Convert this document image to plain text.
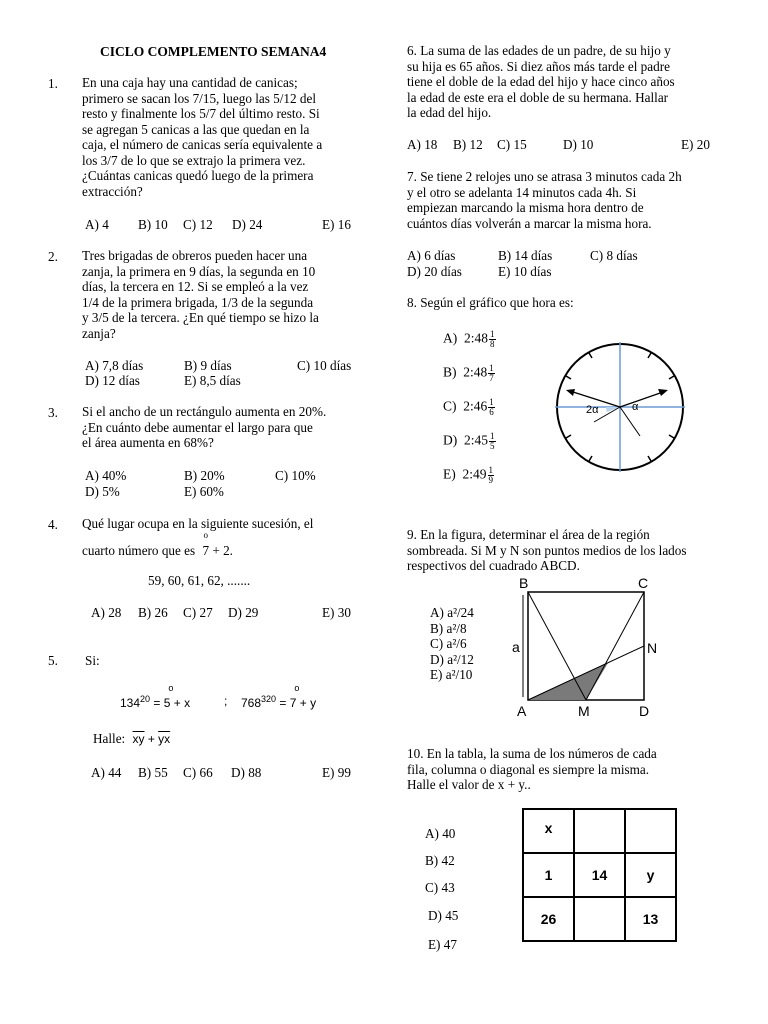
CICLO COMPLEMENTO SEMANA4
1. En una caja hay una cantidad de canicas;
primero se sacan los 7/15, luego las 5/12 del
resto y finalmente los 5/7 del último resto. Si
se agregan 5 canicas a las que quedan en la
caja, el número de canicas sería equivalente a
los 3/7 de lo que se extrajo la primera vez.
¿Cuántas canicas quedó luego de la primera
extracción?
A) 4 B) 10 C) 12 D) 24	E) 16
2. Tres brigadas de obreros pueden hacer una
zanja, la primera en 9 días, la segunda en 10
días, la tercera en 12. Si se empleó a la vez
1/4 de la primera brigada, 1/3 de la segunda
y 3/5 de la tercera. ¿En qué tiempo se hizo la
zanja?
A) 7,8 días	B) 9 días	C) 10 días
D) 12 días	E) 8,5 días
3. Si el ancho de un rectángulo aumenta en 20%.
¿En cuánto debe aumentar el largo para que
el área aumenta en 68%?
A) 40%	B) 20%	C) 10%
D) 5%	E) 60%
4. Qué lugar ocupa en la siguiente sucesión, el
cuarto número que es
o
7 + 2.
59, 60, 61, 62, .......
A) 28 B) 26 C) 27 D) 29	E) 30
5. Si:
$134^{20}$
o
= 5 + x	; $768^{320}$
o
= 7 + y
Halle: $\overline{xy} + \overline{yx}$
A) 44 B) 55 C) 66 D) 88	E) 99
6. La suma de las edades de un padre, de su hijo y
su hija es 65 años. Si diez años más tarde el padre
tiene el doble de la edad del hijo y hace cinco años
la edad de este era el doble de su hermana. Hallar
la edad del hijo.
A) 18 B) 12 C) 15	D) 10	E) 20
7. Se tiene 2 relojes uno se atrasa 3 minutos cada 2h
y el otro se adelanta 14 minutos cada 4h. Si
empiezan marcando la misma hora dentro de
cuántos días volverán a marcar la misma hora.
A) 6 días	B) 14 días	C) 8 días
D) 20 días	E) 10 días
8. Según el gráfico que hora es:
A) 2:48 $\frac{1}{8}$
B) 2:48 $\frac{1}{7}$
C) 2:46 $\frac{1}{6}$
D) 2:45 $\frac{1}{5}$
E) 2:49 $\frac{1}{9}$
2α	α
9. En la figura, determinar el área de la región
sombreada. Si M y N son puntos medios de los lados
respectivos del cuadrado ABCD.
A) a²/24
B) a²/8
C) a²/6
D) a²/12
E) a²/10
B	C
A	D
M
N
a
10. En la tabla, la suma de los números de cada
fila, columna o diagonal es siempre la misma.
Halle el valor de x + y..
A) 40
B) 42
C) 43
D) 45
E) 47
x		
1	14	y
26		13
